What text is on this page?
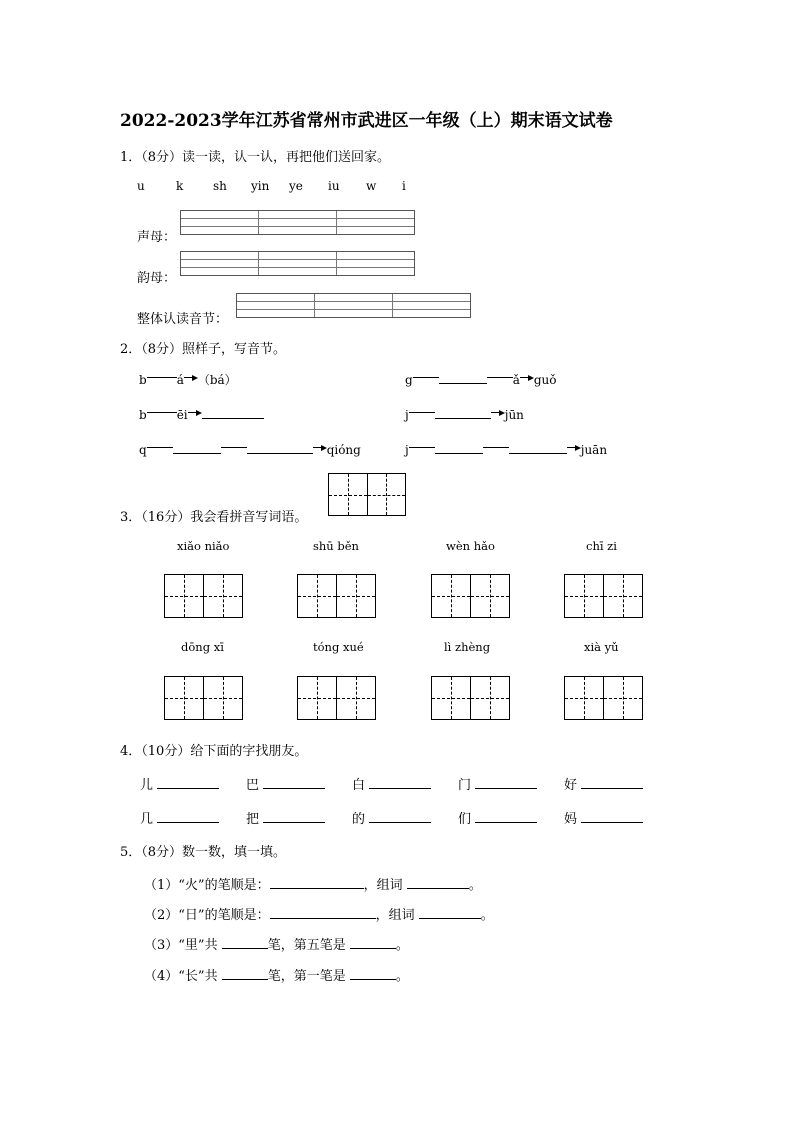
2022-2023学年江苏省常州市武进区一年级（上）期末语文试卷
1．（8分）读一读，认一认，再把他们送回家。
u	k sh yin ye iu w i
声母：
韵母：
整体认读音节：
2．（8分）照样子，写音节。
b	á （bá）	g	ǎ guǒ
b	ēi	j	jūn
q	qióng	j	juān
3．（16分）我会看拼音写词语。
xiǎo niǎo	shū běn	wèn hǎo	chī zi
dōng xī	tóng xué	lì zhèng	xià yǔ
4．（10分）给下面的字找朋友。
儿	巴	白	门	好
几	把	的	们	妈
5．（8分）数一数，填一填。
（1）“火”的笔顺是：	，组词	。
（2）“日”的笔顺是：	，组词	。
（3）“里”共	笔，第五笔是	。
（4）“长”共	笔，第一笔是	。
